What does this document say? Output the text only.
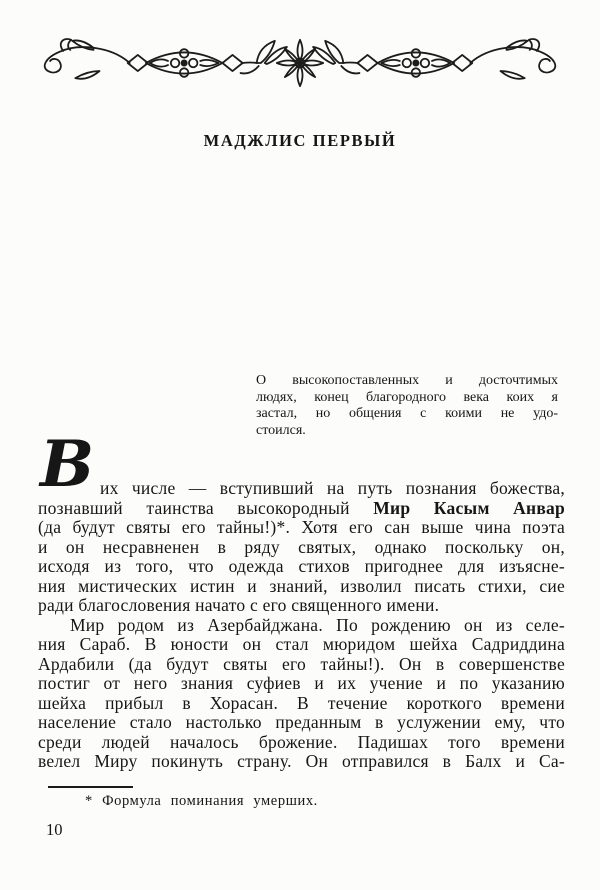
МАДЖЛИС ПЕРВЫЙ
О высокопоставленных и досточтимых
людях, конец благородного века коих я
застал, но общения с коими не удо-
стоился.
В их числе — вступивший на путь познания божества,
познавший таинства высокородный Мир Касым Анвар
(да будут святы его тайны!)*. Хотя его сан выше чина поэта
и он несравненен в ряду святых, однако поскольку он,
исходя из того, что одежда стихов пригоднее для изъясне-
ния мистических истин и знаний, изволил писать стихи, сие
ради благословения начато с его священного имени.
Мир родом из Азербайджана. По рождению он из селе-
ния Сараб. В юности он стал мюридом шейха Садриддина
Ардабили (да будут святы его тайны!). Он в совершенстве
постиг от него знания суфиев и их учение и по указанию
шейха прибыл в Хорасан. В течение короткого времени
население стало настолько преданным в услужении ему, что
среди людей началось брожение. Падишах того времени
велел Миру покинуть страну. Он отправился в Балх и Са-
* Формула поминания умерших.
10
